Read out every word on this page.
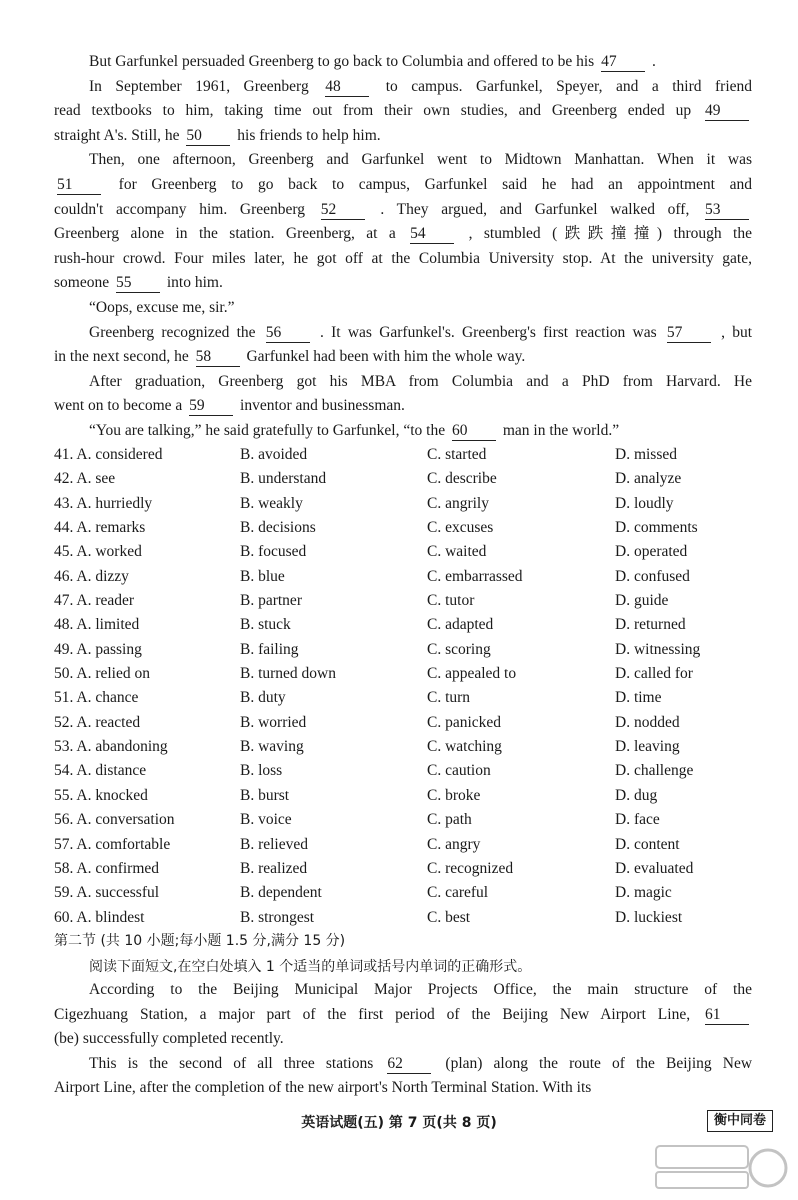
But Garfunkel persuaded Greenberg to go back to Columbia and offered to be his 47 .
In September 1961, Greenberg 48	to campus. Garfunkel, Speyer, and a third friend
read textbooks to him, taking time out from their own studies, and Greenberg ended up 49
straight A's. Still, he 50 his friends to help him.
Then, one afternoon, Greenberg and Garfunkel went to Midtown Manhattan. When it was
51	for Greenberg to go back to campus, Garfunkel said he had an appointment and
couldn't accompany him. Greenberg 52	. They argued, and Garfunkel walked off, 53
Greenberg alone in the station. Greenberg, at a 54	, stumbled (跌跌撞撞) through the
rush-hour crowd. Four miles later, he got off at the Columbia University stop. At the university gate,
someone 55 into him.
“Oops, excuse me, sir.”
Greenberg recognized the 56	. It was Garfunkel's. Greenberg's first reaction was 57	, but
in the next second, he 58 Garfunkel had been with him the whole way.
After graduation, Greenberg got his MBA from Columbia and a PhD from Harvard. He
went on to become a 59 inventor and businessman.
“You are talking,” he said gratefully to Garfunkel, “to the 60 man in the world.”
41. A. considered	B. avoided	C. started	D. missed
42. A. see	B. understand	C. describe	D. analyze
43. A. hurriedly	B. weakly	C. angrily	D. loudly
44. A. remarks	B. decisions	C. excuses	D. comments
45. A. worked	B. focused	C. waited	D. operated
46. A. dizzy	B. blue	C. embarrassed	D. confused
47. A. reader	B. partner	C. tutor	D. guide
48. A. limited	B. stuck	C. adapted	D. returned
49. A. passing	B. failing	C. scoring	D. witnessing
50. A. relied on	B. turned down	C. appealed to	D. called for
51. A. chance	B. duty	C. turn	D. time
52. A. reacted	B. worried	C. panicked	D. nodded
53. A. abandoning	B. waving	C. watching	D. leaving
54. A. distance	B. loss	C. caution	D. challenge
55. A. knocked	B. burst	C. broke	D. dug
56. A. conversation	B. voice	C. path	D. face
57. A. comfortable	B. relieved	C. angry	D. content
58. A. confirmed	B. realized	C. recognized	D. evaluated
59. A. successful	B. dependent	C. careful	D. magic
60. A. blindest	B. strongest	C. best	D. luckiest
第二节 (共 10 小题;每小题 1.5 分,满分 15 分)
阅读下面短文,在空白处填入 1 个适当的单词或括号内单词的正确形式。
According to the Beijing Municipal Major Projects Office, the main structure of the
Cigezhuang Station, a major part of the first period of the Beijing New Airport Line, 61
(be) successfully completed recently.
This is the second of all three stations 62	(plan) along the route of the Beijing New
Airport Line, after the completion of the new airport's North Terminal Station. With its
英语试题(五) 第 7 页(共 8 页)	衡中同卷
